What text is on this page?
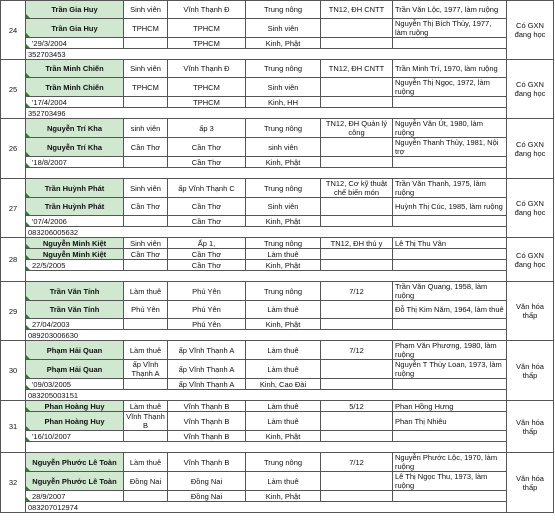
24	Trần Gia Huy	Sinh viên	Vĩnh Thạnh Đ	Trung nông	TN12, ĐH CNTT	Trần Văn Lộc, 1977, làm ruộng	Có GXN đang học
	Trần Gia Huy	TPHCM	TPHCM	Sinh viên		Nguyễn Thị Bích Thủy, 1977, làm ruộng	
	'29/3/2004		TPHCM	Kinh, Phật			
	352703453						
25	Trần Minh Chiến	Sinh viên	Vĩnh Thạnh Đ	Trung nông	TN12, ĐH CNTT	Trần Minh Trí, 1970, làm ruộng	Có GXN đang học
	Trần Minh Chiến	TPHCM	TPHCM	Sinh viên		Nguyễn Thị Ngọc, 1972, làm ruộng	
	'17/4/2004		TPHCM	Kinh, HH			
	352703496						
26	Nguyễn Trí Kha	sinh viên	ấp 3	Trung nông	TN12, ĐH Quản lý công	Nguyễn Văn Út, 1980, làm ruộng	Có GXN đang học
	Nguyễn Trí Kha	Cần Thơ	Cần Thơ	sinh viên		Nguyễn Thanh Thủy, 1981, Nội trợ	
	'18/8/2007		Cần Thơ	Kinh, Phật			

27	Trần Huỳnh Phát	Sinh viên	ấp Vĩnh Thạnh C	Trung nông	TN12, Cơ kỹ thuật chế biến món	Trần Văn Thanh, 1975, làm ruộng	Có GXN đang học
	Trần Huỳnh Phát	Cần Thơ	Cần Thơ	Sinh viên		Huỳnh Thị Cúc, 1985, làm ruộng	
	'07/4/2006		Cần Thơ	Kinh, Phật			
	083206005632						
28	Nguyễn Minh Kiệt	Sinh viên	Ấp 1,	Trung nông	TN12, ĐH thú y	Lê Thị Thu Vân	Có GXN đang học
	Nguyễn Minh Kiệt	Cần Thơ	Cần Thơ	Làm thuê			
	22/5/2005		Cần Thơ	Kinh, Phật			

29	Trần Văn Tính	Làm thuê	Phú Yên	Trung nông	7/12	Trần Văn Quang, 1958, làm ruộng	Văn hóa thấp
	Trần Văn Tính	Phú Yên	Phú Yên	Làm thuê		Đỗ Thị Kim Năm, 1964, làm thuê	
	27/04/2003		Phú Yên	Kinh, Phật			
	089203006630						
30	Phạm Hải Quan	Làm thuê	ấp Vĩnh Thạnh A	Làm thuê	7/12	Phạm Văn Phương, 1980, làm ruộng	Văn hóa thấp
	Phạm Hải Quan	ấp Vĩnh Thạnh A	ấp Vĩnh Thạnh A	Làm thuê		Nguyễn T Thủy Loan, 1973, làm ruộng	
	'09/03/2005		ấp Vĩnh Thạnh A	Kinh, Cao Đài			
	083205003151						
31	Phan Hoàng Huy	Làm thuê	Vĩnh Thạnh B	Làm thuê	5/12	Phan Hồng Hưng	Văn hóa thấp
	Phan Hoàng Huy	Vĩnh Thạnh B	Vĩnh Thạnh B	Làm thuê		Phan Thị Nhiêu	
	'16/10/2007		Vĩnh Thạnh B	Kinh, Phật			

32	Nguyễn Phước Lê Toàn	Làm thuê	Vĩnh Thạnh B	Trung nông	7/12	Nguyễn Phước Lộc, 1970, làm ruộng	Văn hóa thấp
	Nguyễn Phước Lê Toàn	Đồng Nai	Đồng Nai	Làm thuê		Lê Thị Ngọc Thu, 1973, làm ruộng	
	28/9/2007		Đồng Nai	Kinh, Phật			
	083207012974						
